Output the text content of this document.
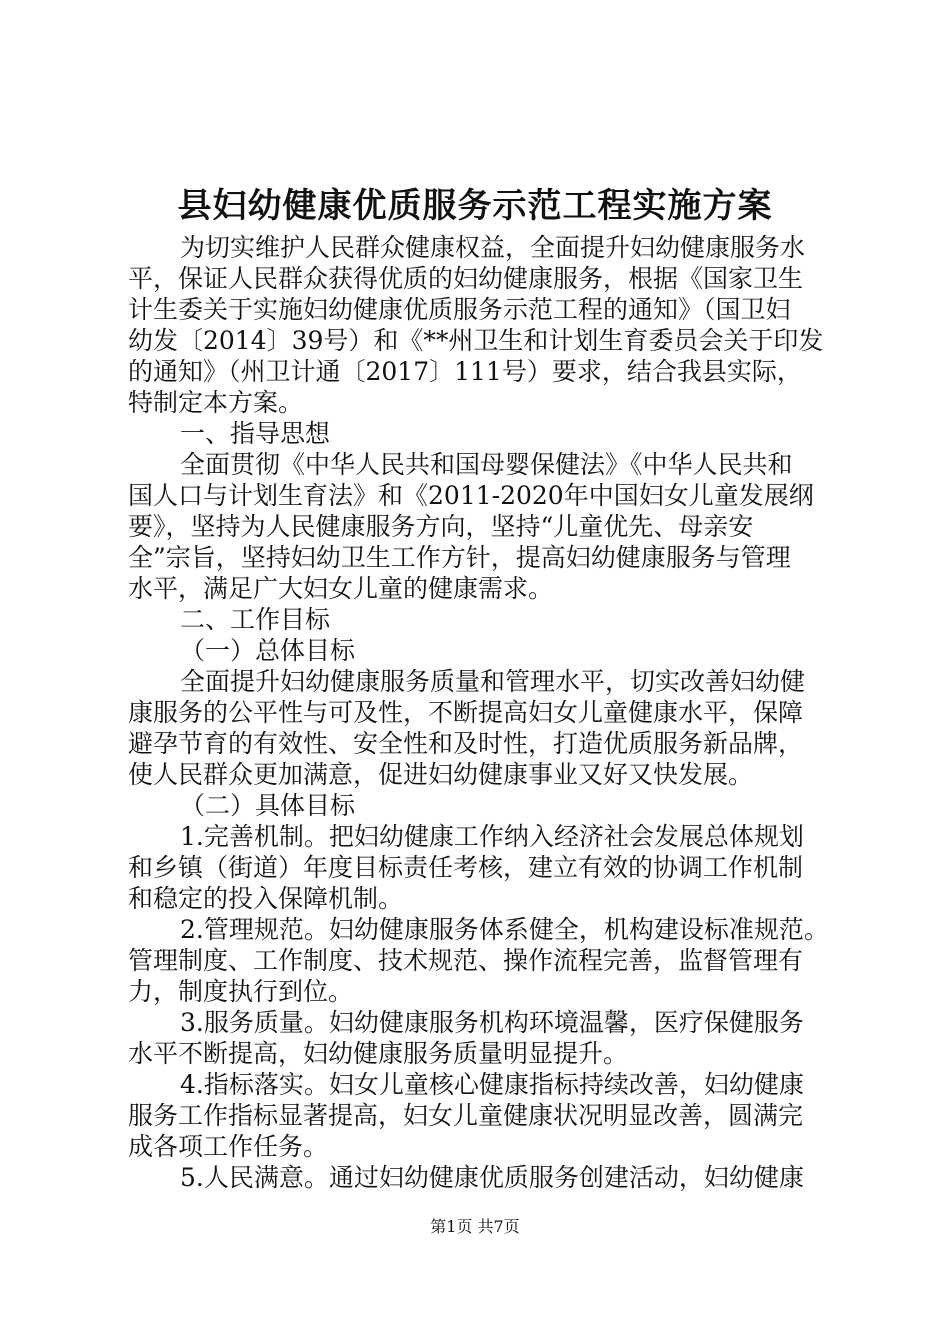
县妇幼健康优质服务示范工程实施方案
为切实维护人民群众健康权益，全面提升妇幼健康服务水
平，保证人民群众获得优质的妇幼健康服务，根据《国家卫生
计生委关于实施妇幼健康优质服务示范工程的通知》（国卫妇
幼发〔2014〕39号）和《**州卫生和计划生育委员会关于印发
的通知》（州卫计通〔2017〕111号）要求，结合我县实际，
特制定本方案。
一、指导思想
全面贯彻《中华人民共和国母婴保健法》《中华人民共和
国人口与计划生育法》和《2011-2020年中国妇女儿童发展纲
要》，坚持为人民健康服务方向，坚持“儿童优先、母亲安
全”宗旨，坚持妇幼卫生工作方针，提高妇幼健康服务与管理
水平，满足广大妇女儿童的健康需求。
二、工作目标
（一）总体目标
全面提升妇幼健康服务质量和管理水平，切实改善妇幼健
康服务的公平性与可及性，不断提高妇女儿童健康水平，保障
避孕节育的有效性、安全性和及时性，打造优质服务新品牌，
使人民群众更加满意，促进妇幼健康事业又好又快发展。
（二）具体目标
1.完善机制。把妇幼健康工作纳入经济社会发展总体规划
和乡镇（街道）年度目标责任考核，建立有效的协调工作机制
和稳定的投入保障机制。
2.管理规范。妇幼健康服务体系健全，机构建设标准规范。
管理制度、工作制度、技术规范、操作流程完善，监督管理有
力，制度执行到位。
3.服务质量。妇幼健康服务机构环境温馨，医疗保健服务
水平不断提高，妇幼健康服务质量明显提升。
4.指标落实。妇女儿童核心健康指标持续改善，妇幼健康
服务工作指标显著提高，妇女儿童健康状况明显改善，圆满完
成各项工作任务。
5.人民满意。通过妇幼健康优质服务创建活动，妇幼健康
第1页 共7页
